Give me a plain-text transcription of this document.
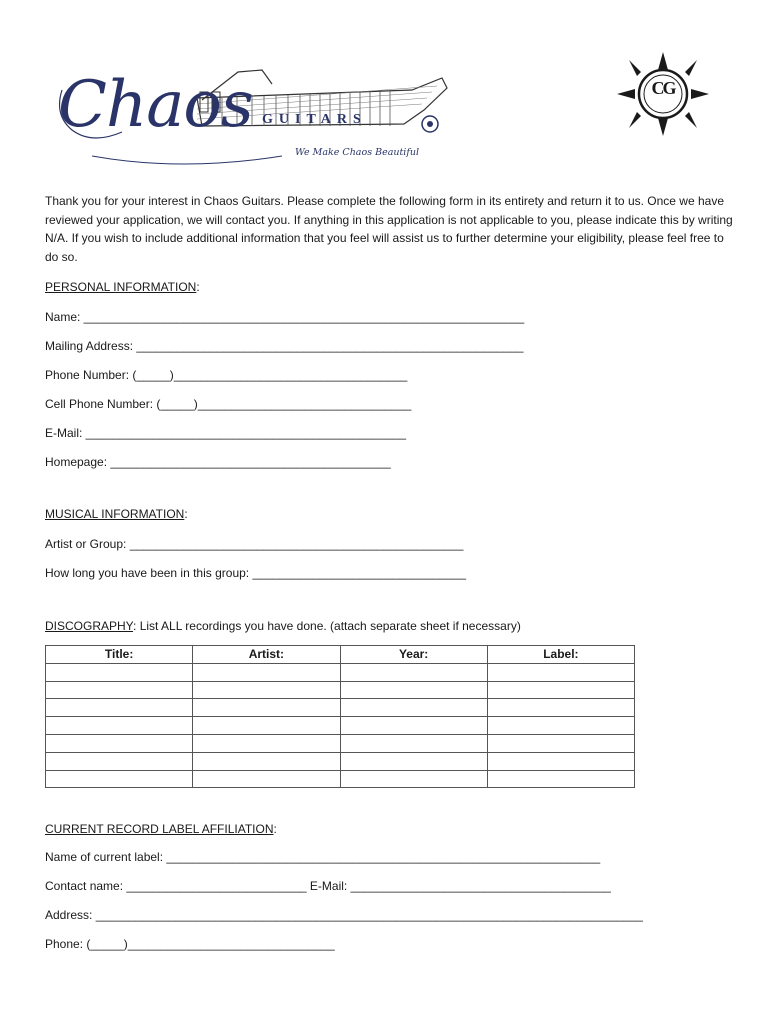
Chaos GUITARS
We Make Chaos Beautiful
CG

Thank you for your interest in Chaos Guitars. Please complete the following form in its entirety and return it to us. Once we have reviewed your application, we will contact you. If anything in this application is not applicable to you, please indicate this by writing N/A. If you wish to include additional information that you feel will assist us to further determine your eligibility, please feel free to do so.

PERSONAL INFORMATION:
Name: __________________________________________________________________
Mailing Address: __________________________________________________________
Phone Number: (_____)___________________________________
Cell Phone Number: (_____)________________________________
E-Mail: ________________________________________________
Homepage: __________________________________________
MUSICAL INFORMATION:
Artist or Group: __________________________________________________
How long you have been in this group: ________________________________
DISCOGRAPHY: List ALL recordings you have done. (attach separate sheet if necessary)
Title:	Artist:	Year:	Label:

CURRENT RECORD LABEL AFFILIATION:
Name of current label: _________________________________________________________________
Contact name: ___________________________ E-Mail: _______________________________________
Address: __________________________________________________________________________________
Phone: (_____)_______________________________
